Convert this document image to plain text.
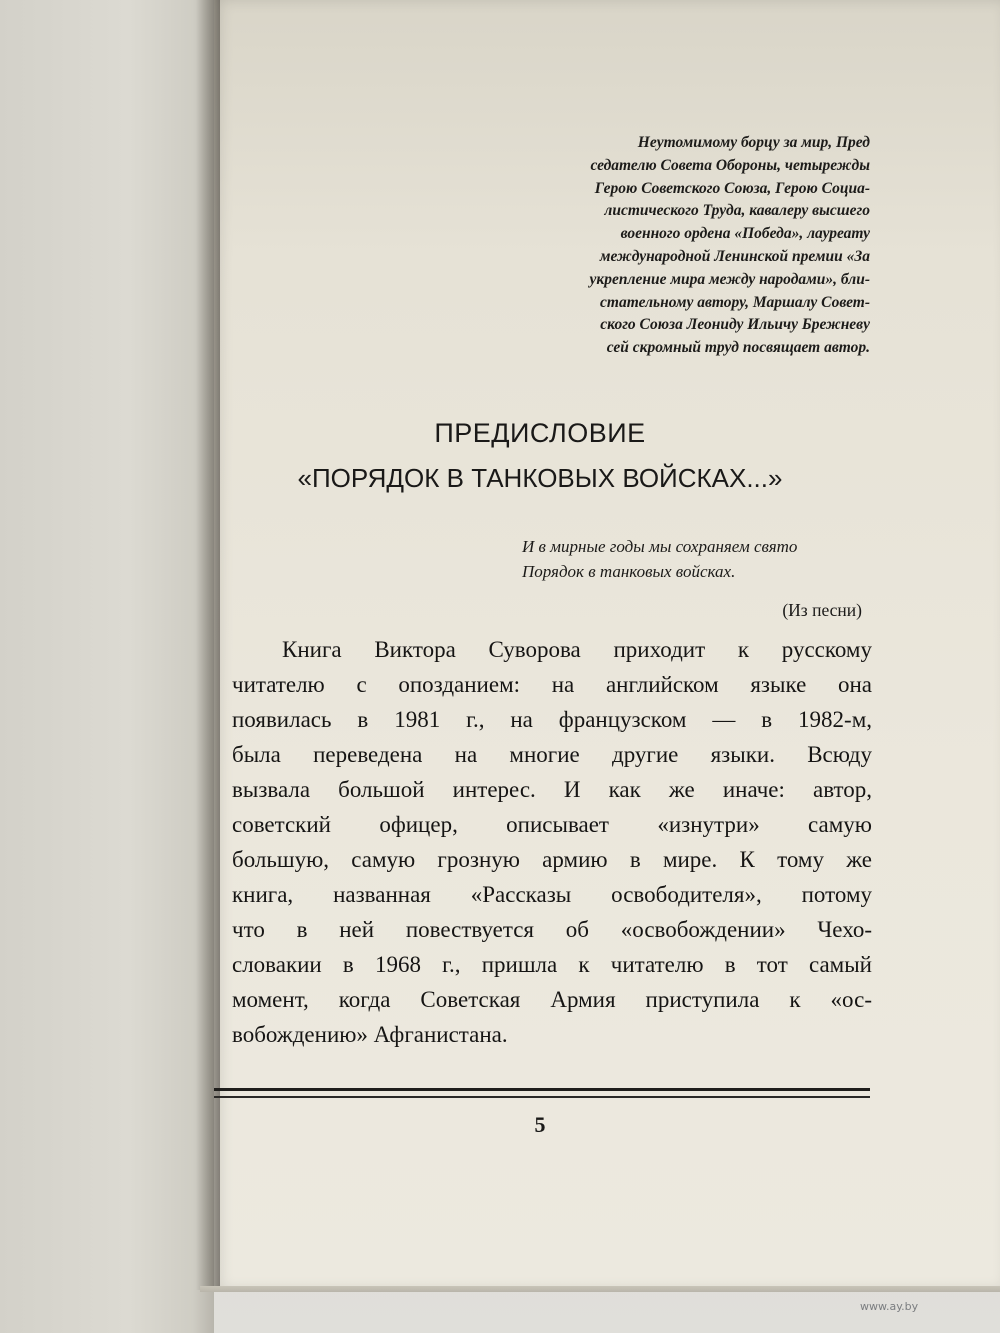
Неутомимому борцу за мир, Пред
седателю Совета Обороны, четырежды
Герою Советского Союза, Герою Социа-
листического Труда, кавалеру высшего
военного ордена «Победа», лауреату
международной Ленинской премии «За
укрепление мира между народами», бли-
стательному автору, Маршалу Совет-
ского Союза Леониду Ильичу Брежневу
сей скромный труд посвящает автор.
ПРЕДИСЛОВИЕ
«ПОРЯДОК В ТАНКОВЫХ ВОЙСКАХ...»
И в мирные годы мы сохраняем свято
Порядок в танковых войсках.

(Из песни)

Книга Виктора Суворова приходит к русскому
читателю с опозданием: на английском языке она
появилась в 1981 г., на французском — в 1982-м,
была переведена на многие другие языки. Всюду
вызвала большой интерес. И как же иначе: автор,
советский офицер, описывает «изнутри» самую
большую, самую грозную армию в мире. К тому же
книга, названная «Рассказы освободителя», потому
что в ней повествуется об «освобождении» Чехо-
словакии в 1968 г., пришла к читателю в тот самый
момент, когда Советская Армия приступила к «ос-
вобождению» Афганистана.

5

www.ay.by
